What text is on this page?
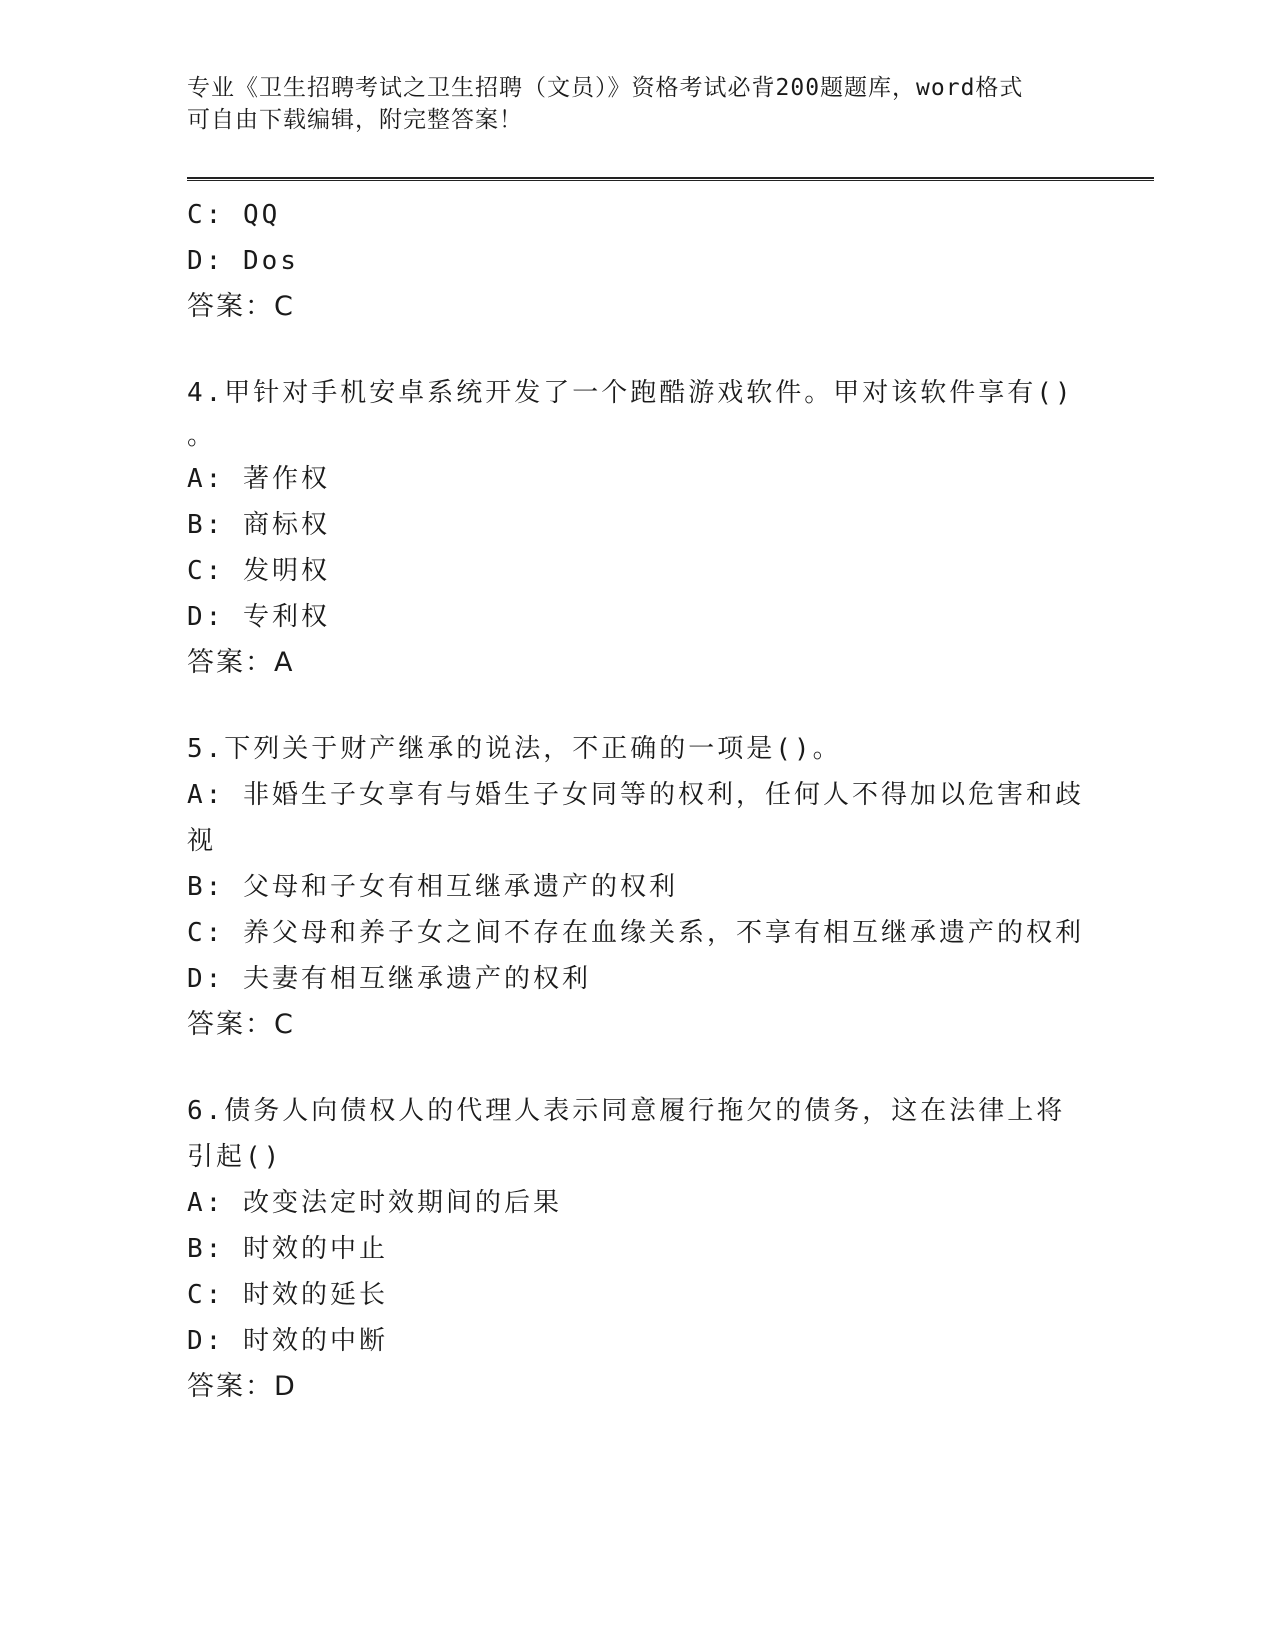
专业《卫生招聘考试之卫生招聘（文员）》资格考试必背200题题库，word格式
可自由下载编辑，附完整答案！
C: QQ
D: Dos
答案：C
4.甲针对手机安卓系统开发了一个跑酷游戏软件。甲对该软件享有()
。
A: 著作权
B: 商标权
C: 发明权
D: 专利权
答案：A
5.下列关于财产继承的说法，不正确的一项是()。
A: 非婚生子女享有与婚生子女同等的权利，任何人不得加以危害和歧
视
B: 父母和子女有相互继承遗产的权利
C: 养父母和养子女之间不存在血缘关系，不享有相互继承遗产的权利
D: 夫妻有相互继承遗产的权利
答案：C
6.债务人向债权人的代理人表示同意履行拖欠的债务，这在法律上将
引起()
A: 改变法定时效期间的后果
B: 时效的中止
C: 时效的延长
D: 时效的中断
答案：D
